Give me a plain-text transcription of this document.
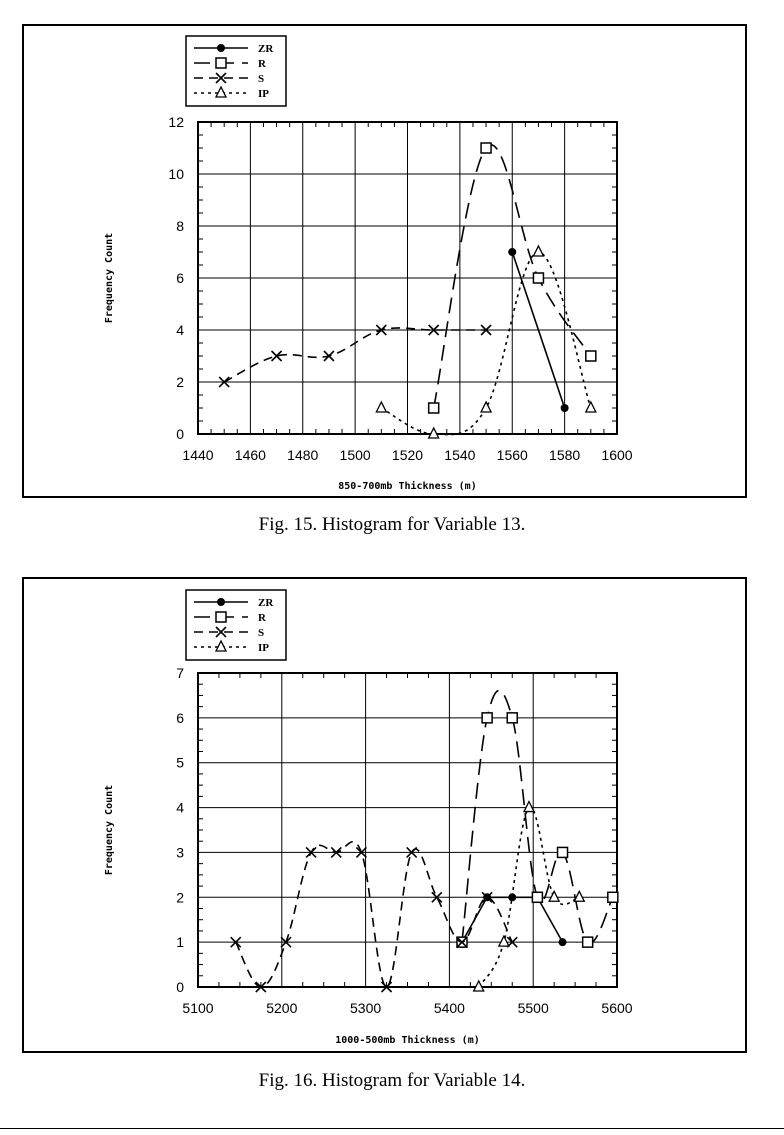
1440 1460 1480 1500 1520 1540 1560 1580 1600
0
2
4
6
8
10
12
850-700mb Thickness (m)
Frequency Count
ZR
R
S
IP
Fig. 15. Histogram for Variable 13.
5100	5200	5300	5400	5500	5600
0
1
2
3
4
5
6
7
1000-500mb Thickness (m)
Frequency Count
ZR
R
S
IP
Fig. 16. Histogram for Variable 14.
